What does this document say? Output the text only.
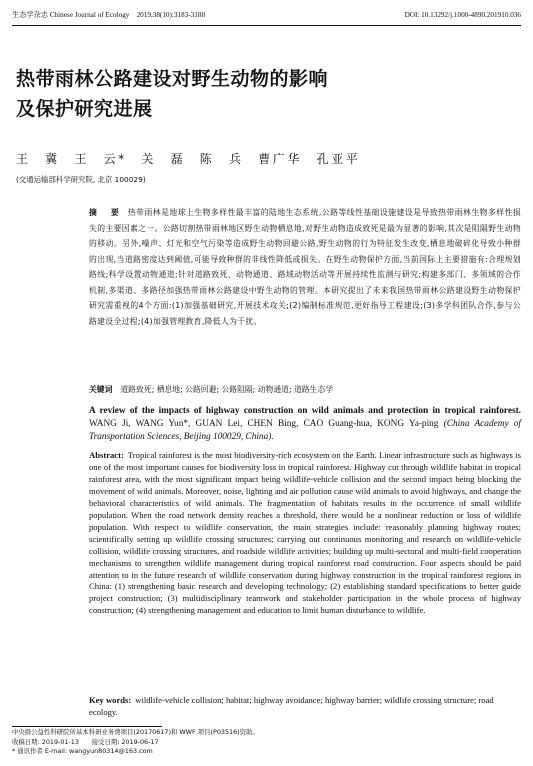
生态学杂志 Chinese Journal of Ecology　2019,38(10):3183-3188	DOI: 10.13292/j.1000-4890.201910.036
热带雨林公路建设对野生动物的影响
及保护研究进展
王　冀　王　云*　关　磊　陈　兵　曹广华　孔亚平
(交通运输部科学研究院, 北京 100029)
摘　要 热带雨林是地球上生物多样性最丰富的陆地生态系统,公路等线性基础设施建设是导致热带雨林生物多样性损失的主要因素之一。公路切割热带雨林地区野生动物栖息地,对野生动物造成致死是最为显著的影响,其次是阻隔野生动物的移动。另外,噪声、灯光和空气污染等造成野生动物回避公路,野生动物的行为特征发生改变,栖息地破碎化导致小种群的出现,当道路密度达到阈值,可能导致种群的非线性降低或损失。在野生动物保护方面,当前国际上主要措施有:合理规划路线;科学设置动物通道;针对道路致死、动物通道、路域动物活动等开展持续性监测与研究;构建多部门、多领域的合作机制,多渠道、多路径加强热带雨林公路建设中野生动物的管理。本研究提出了未来我国热带雨林公路建设野生动物保护研究需重视的4个方面:(1)加强基础研究,开展技术攻关;(2)编制标准规范,更好指导工程建设;(3)多学科团队合作,参与公路建设全过程;(4)加强管理教育,降低人为干扰。
关键词 道路致死; 栖息地; 公路回避; 公路阻隔; 动物通道; 道路生态学
A review of the impacts of highway construction on wild animals and protection in tropical rainforest. WANG Ji, WANG Yun*, GUAN Lei, CHEN Bing, CAO Guang-hua, KONG Ya-ping (China Academy of Transportation Sciences, Beijing 100029, China).
Abstract: Tropical rainforest is the most biodiversity-rich ecosystem on the Earth. Linear infrastructure such as highways is one of the most important causes for biodiversity loss in tropical rainforest. Highway cut through wildlife habitat in tropical rainforest area, with the most significant impact being wildlife-vehicle collision and the second impact being blocking the movement of wild animals. Moreover, noise, lighting and air pollution cause wild animals to avoid highways, and change the behavioral characteristics of wild animals. The fragmentation of habitats results in the occurrence of small wildlife population. When the road network density reaches a threshold, there would be a nonlinear reduction or loss of wildlife population. With respect to wildlife conservation, the main strategies include: reasonably planning highway routes; scientifically setting up wildlife crossing structures; carrying out continuous monitoring and research on wildlife-vehicle collision, wildlife crossing structures, and roadside wildlife activities; building up multi-sectoral and multi-field cooperation mechanisms to strengthen wildlife management during tropical rainforest road construction. Four aspects should be paid attention to in the future research of wildlife conservation during highway construction in the tropical rainforest regions in China: (1) strengthening basic research and developing technology; (2) establishing standard specifications to better guide project construction; (3) multidisciplinary teamwork and stakeholder participation in the whole process of highway construction; (4) strengthening management and education to limit human disturbance to wildlife.
Key words: wildlife-vehicle collision; habitat; highway avoidance; highway barrier; wildlife crossing structure; road ecology.
中央级公益性科研院所基本科研业务费项目(20170617)和 WWF 项目(P03516)资助。
收稿日期: 2019-01-13　　接受日期: 2019-06-17
* 通讯作者 E-mail: wangyun80314@163.com
